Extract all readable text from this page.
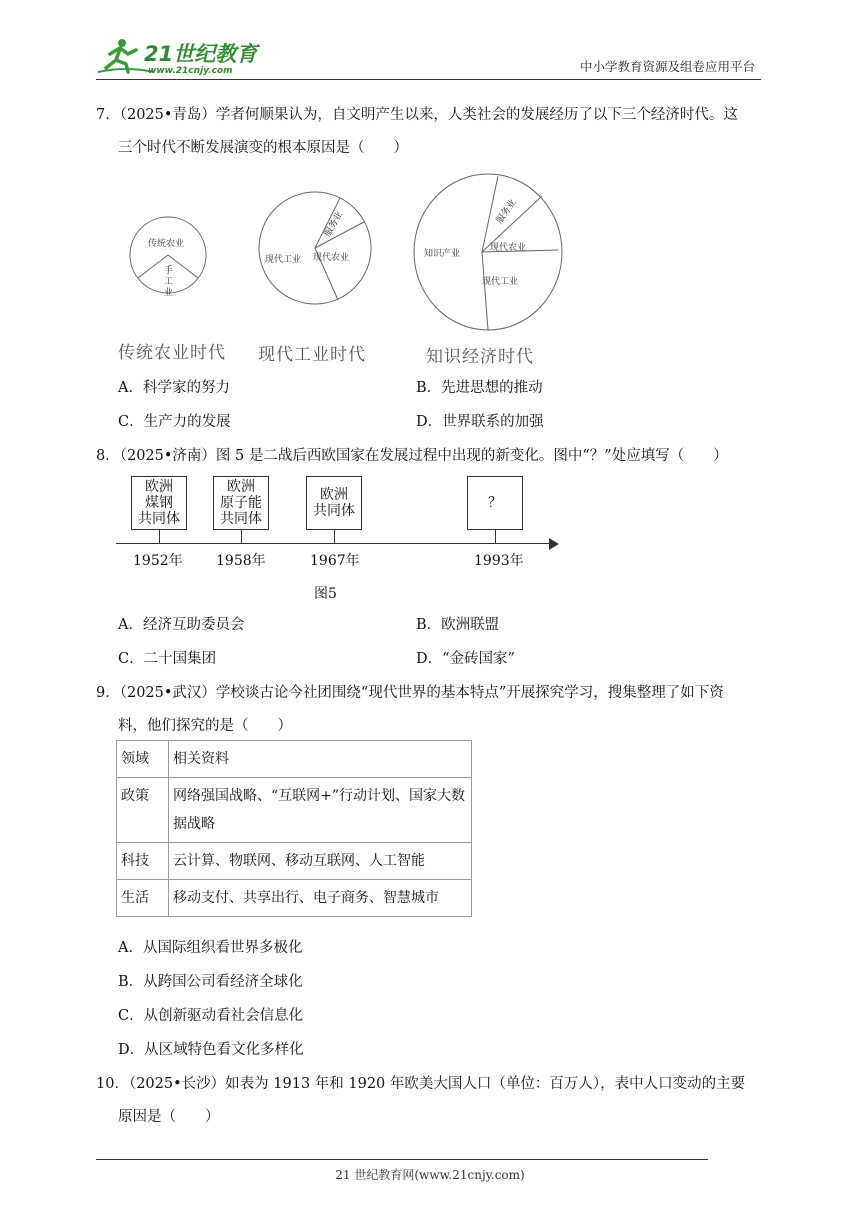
21世纪教育
www.21cnjy.com	中小学教育资源及组卷应用平台
7．（2025•青岛）学者何顺果认为，自文明产生以来，人类社会的发展经历了以下三个经济时代。这
三个时代不断发展演变的根本原因是（　　）
传统农业
手
工
业
现代工业
服务业
现代农业	知识产业
服务业
现代农业
现代工业
传统农业时代 现代工业时代	知识经济时代
A．科学家的努力	B．先进思想的推动
C．生产力的发展	D．世界联系的加强
8．（2025•济南）图 5 是二战后西欧国家在发展过程中出现的新变化。图中“？”处应填写（　　）
欧洲
煤钢
共同体
1952年
欧洲
原子能
共同体
1958年
欧洲
共同体
1967年
？
1993年
图5
A．经济互助委员会	B．欧洲联盟
C．二十国集团	D．“金砖国家”
9．（2025•武汉）学校谈古论今社团围绕“现代世界的基本特点”开展探究学习，搜集整理了如下资
料，他们探究的是（　　）
领域	相关资料
政策	网络强国战略、“互联网+”行动计划、国家大数据战略
科技	云计算、物联网、移动互联网、人工智能
生活	移动支付、共享出行、电子商务、智慧城市
A．从国际组织看世界多极化
B．从跨国公司看经济全球化
C．从创新驱动看社会信息化
D．从区域特色看文化多样化
10．（2025•长沙）如表为 1913 年和 1920 年欧美大国人口（单位：百万人），表中人口变动的主要
原因是（　　）
21 世纪教育网(www.21cnjy.com)
